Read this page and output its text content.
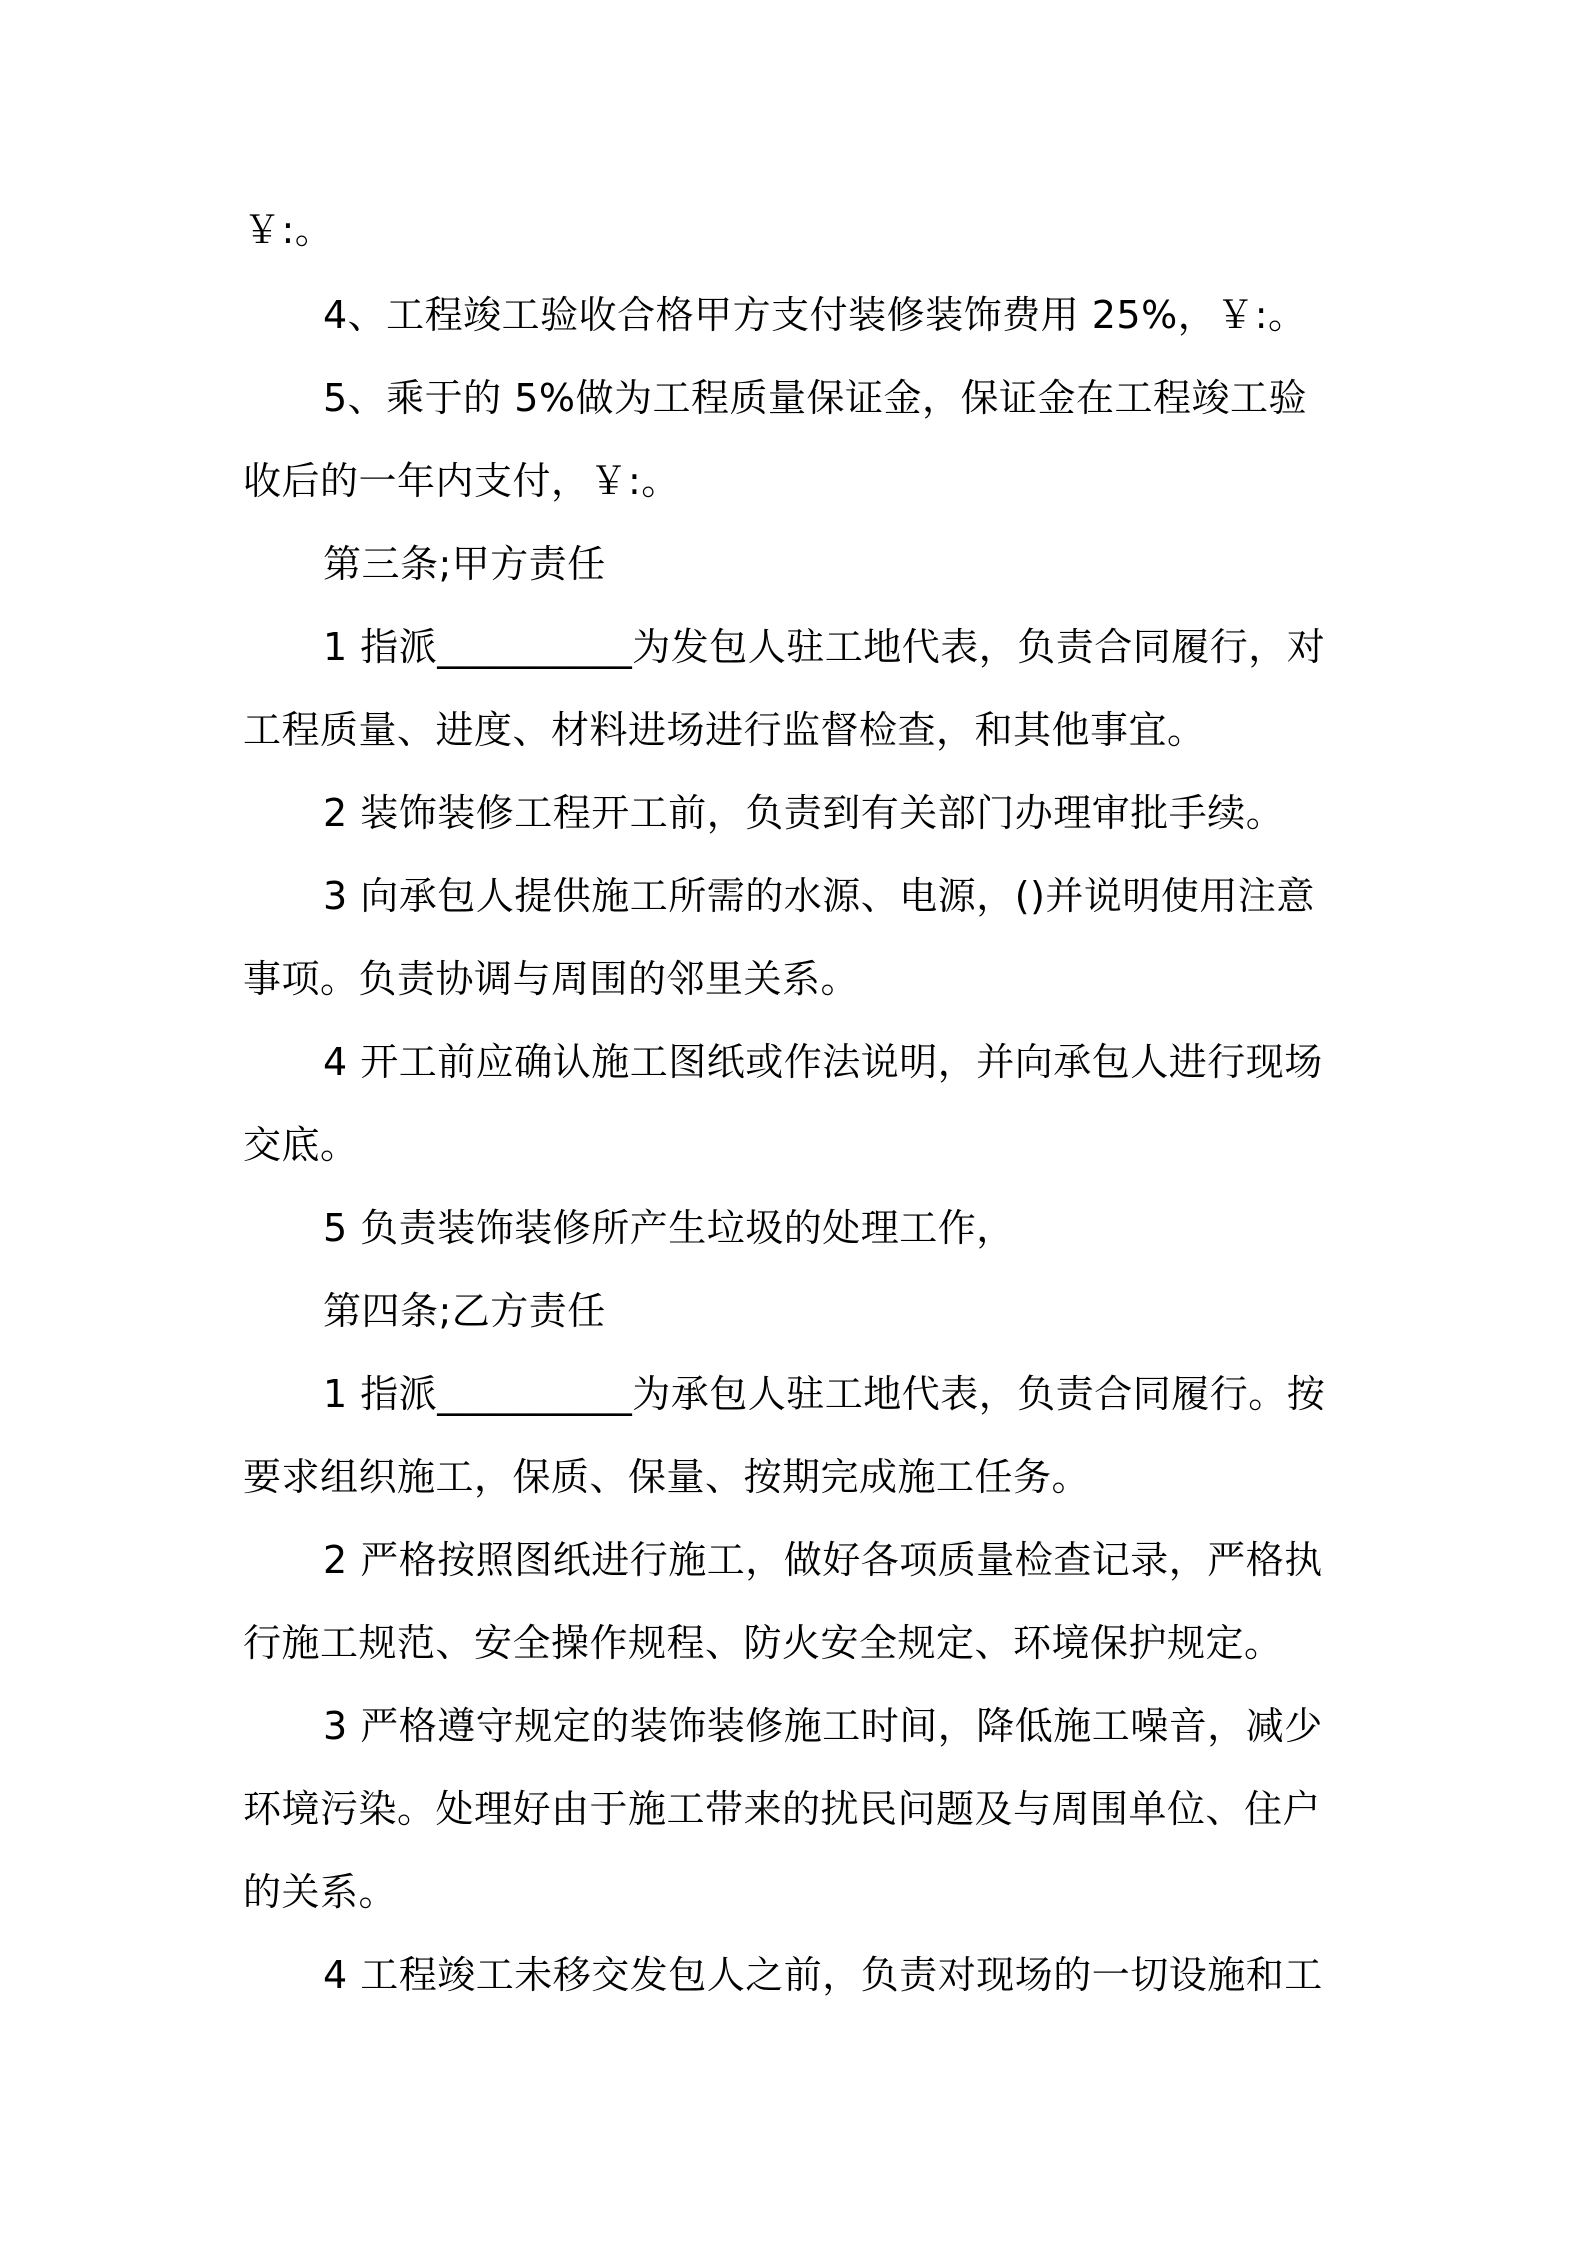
￥:。
4、工程竣工验收合格甲方支付装修装饰费用 25%，￥:。
5、乘于的 5%做为工程质量保证金，保证金在工程竣工验
收后的一年内支付，￥:。
第三条;甲方责任
1 指派__________为发包人驻工地代表，负责合同履行，对
工程质量、进度、材料进场进行监督检查，和其他事宜。
2 装饰装修工程开工前，负责到有关部门办理审批手续。
3 向承包人提供施工所需的水源、电源，()并说明使用注意
事项。负责协调与周围的邻里关系。
4 开工前应确认施工图纸或作法说明，并向承包人进行现场
交底。
5 负责装饰装修所产生垃圾的处理工作，
第四条;乙方责任
1 指派__________为承包人驻工地代表，负责合同履行。按
要求组织施工，保质、保量、按期完成施工任务。
2 严格按照图纸进行施工，做好各项质量检查记录，严格执
行施工规范、安全操作规程、防火安全规定、环境保护规定。
3 严格遵守规定的装饰装修施工时间，降低施工噪音，减少
环境污染。处理好由于施工带来的扰民问题及与周围单位、住户
的关系。
4 工程竣工未移交发包人之前，负责对现场的一切设施和工
